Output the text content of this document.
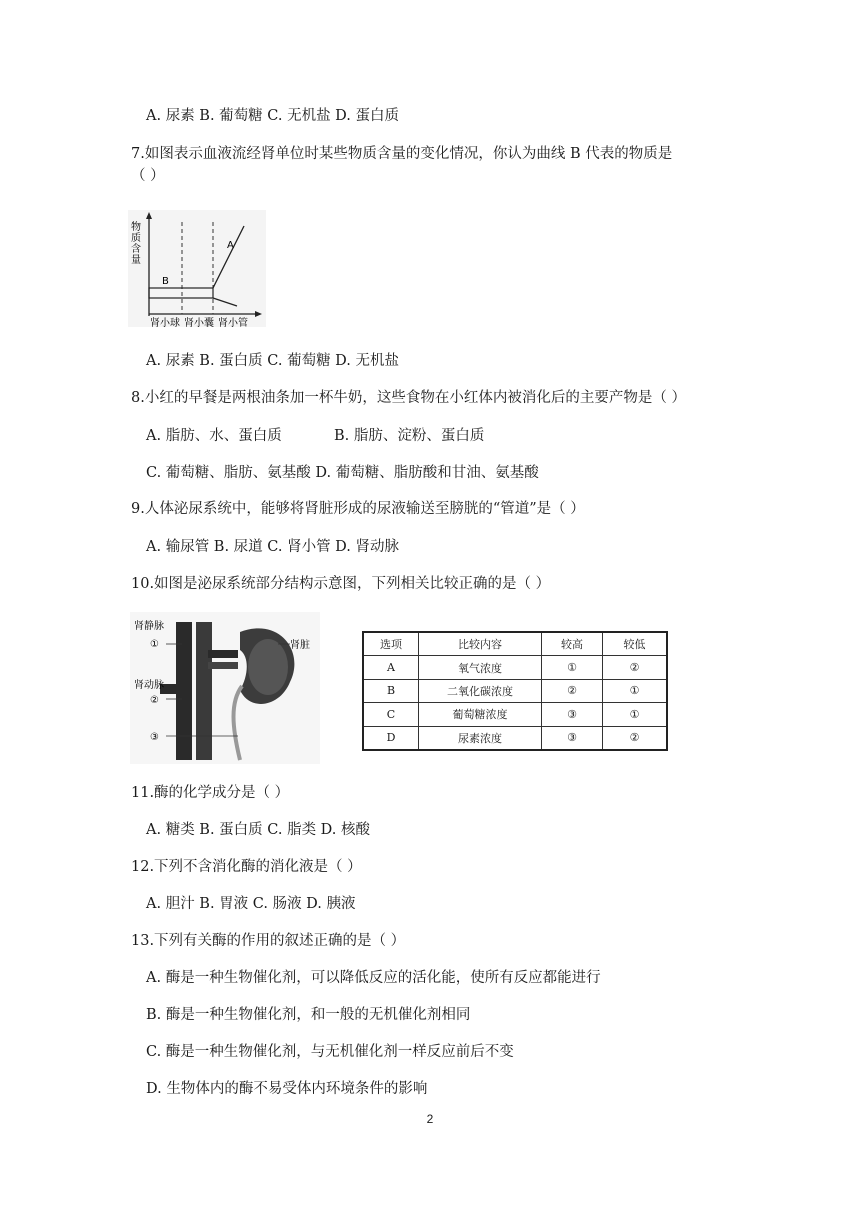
A. 尿素 B. 葡萄糖 C. 无机盐 D. 蛋白质
7.如图表示血液流经肾单位时某些物质含量的变化情况，你认为曲线 B 代表的物质是
（ ）
物
质
含
量
A
B
肾小球 肾小囊 肾小管
A. 尿素 B. 蛋白质 C. 葡萄糖 D. 无机盐
8.小红的早餐是两根油条加一杯牛奶，这些食物在小红体内被消化后的主要产物是（ ）
A. 脂肪、水、蛋白质	B. 脂肪、淀粉、蛋白质
C. 葡萄糖、脂肪、氨基酸 D. 葡萄糖、脂肪酸和甘油、氨基酸
9.人体泌尿系统中，能够将肾脏形成的尿液输送至膀胱的“管道”是（ ）
A. 输尿管 B. 尿道 C. 肾小管 D. 肾动脉
10.如图是泌尿系统部分结构示意图，下列相关比较正确的是（ ）
肾静脉
①
肾动脉
②
③
肾脏	选项	比较内容	较高	较低
A	氧气浓度	①	②
B	二氧化碳浓度	②	①
C	葡萄糖浓度	③	①
D	尿素浓度	③	②
11.酶的化学成分是（ ）
A. 糖类 B. 蛋白质 C. 脂类 D. 核酸
12.下列不含消化酶的消化液是（ ）
A. 胆汁 B. 胃液 C. 肠液 D. 胰液
13.下列有关酶的作用的叙述正确的是（ ）
A. 酶是一种生物催化剂，可以降低反应的活化能，使所有反应都能进行
B. 酶是一种生物催化剂，和一般的无机催化剂相同
C. 酶是一种生物催化剂，与无机催化剂一样反应前后不变
D. 生物体内的酶不易受体内环境条件的影响
2
